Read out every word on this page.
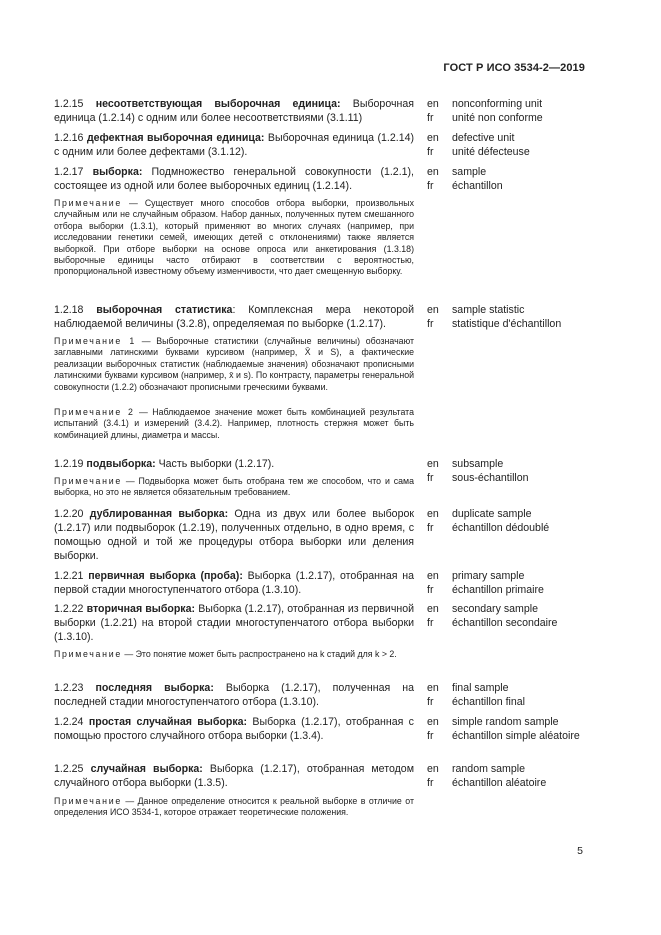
ГОСТ Р ИСО 3534-2—2019
1.2.15 несоответствующая выборочная единица: Выборочная единица (1.2.14) с одним или более несоответствиями (3.1.11)
en
fr
nonconforming unit
unité non conforme
1.2.16 дефектная выборочная единица: Выборочная единица (1.2.14) с одним или более дефектами (3.1.12).
en
fr
defective unit
unité défecteuse
1.2.17 выборка: Подмножество генеральной совокупности (1.2.1), состоящее из одной или более выборочных единиц (1.2.14).
en
fr
sample
échantillon
Примечание — Существует много способов отбора выборки, произвольных случайным или не случайным образом. Набор данных, полученных путем смешанного отбора выборки (1.3.1), который применяют во многих случаях (например, при исследовании генетики семей, имеющих детей с отклонениями) также является выборкой. При отборе выборки на основе опроса или анкетирования (1.3.18) выборочные единицы часто отбирают в соответствии с вероятностью, пропорциональной известному объему изменчивости, что дает смещенную выборку.
1.2.18 выборочная статистика: Комплексная мера некоторой наблюдаемой величины (3.2.8), определяемая по выборке (1.2.17).
en
fr
sample statistic
statistique d'échantillon
Примечание 1 — Выборочные статистики (случайные величины) обозначают заглавными латинскими буквами курсивом (например, X̄ и S), а фактические реализации выборочных статистик (наблюдаемые значения) обозначают прописными латинскими буквами курсивом (например, x̄ и s). По контрасту, параметры генеральной совокупности (1.2.2) обозначают прописными греческими буквами.
Примечание 2 — Наблюдаемое значение может быть комбинацией результата испытаний (3.4.1) и измерений (3.4.2). Например, плотность стержня может быть комбинацией длины, диаметра и массы.
1.2.19 подвыборка: Часть выборки (1.2.17).	en
fr
subsample
sous-échantillon
Примечание — Подвыборка может быть отобрана тем же способом, что и сама выборка, но это не является обязательным требованием.
1.2.20 дублированная выборка: Одна из двух или более выборок (1.2.17) или подвыборок (1.2.19), полученных отдельно, в одно время, с помощью одной и той же процедуры отбора выборки или деления выборки.
en
fr
duplicate sample
échantillon dédoublé
1.2.21 первичная выборка (проба): Выборка (1.2.17), отобранная на первой стадии многоступенчатого отбора (1.3.10).
en
fr
primary sample
échantillon primaire
1.2.22 вторичная выборка: Выборка (1.2.17), отобранная из первичной выборки (1.2.21) на второй стадии многоступенчатого отбора выборки (1.3.10).
en
fr
secondary sample
échantillon secondaire
Примечание — Это понятие может быть распространено на k стадий для k > 2.
1.2.23 последняя выборка: Выборка (1.2.17), полученная на последней стадии многоступенчатого отбора (1.3.10).
en
fr
final sample
échantillon final
1.2.24 простая случайная выборка: Выборка (1.2.17), отобранная с помощью простого случайного отбора выборки (1.3.4).
en
fr
simple random sample
échantillon simple aléatoire
1.2.25 случайная выборка: Выборка (1.2.17), отобранная методом случайного отбора выборки (1.3.5).
en
fr
random sample
échantillon aléatoire
Примечание — Данное определение относится к реальной выборке в отличие от определения ИСО 3534-1, которое отражает теоретические положения.
5
